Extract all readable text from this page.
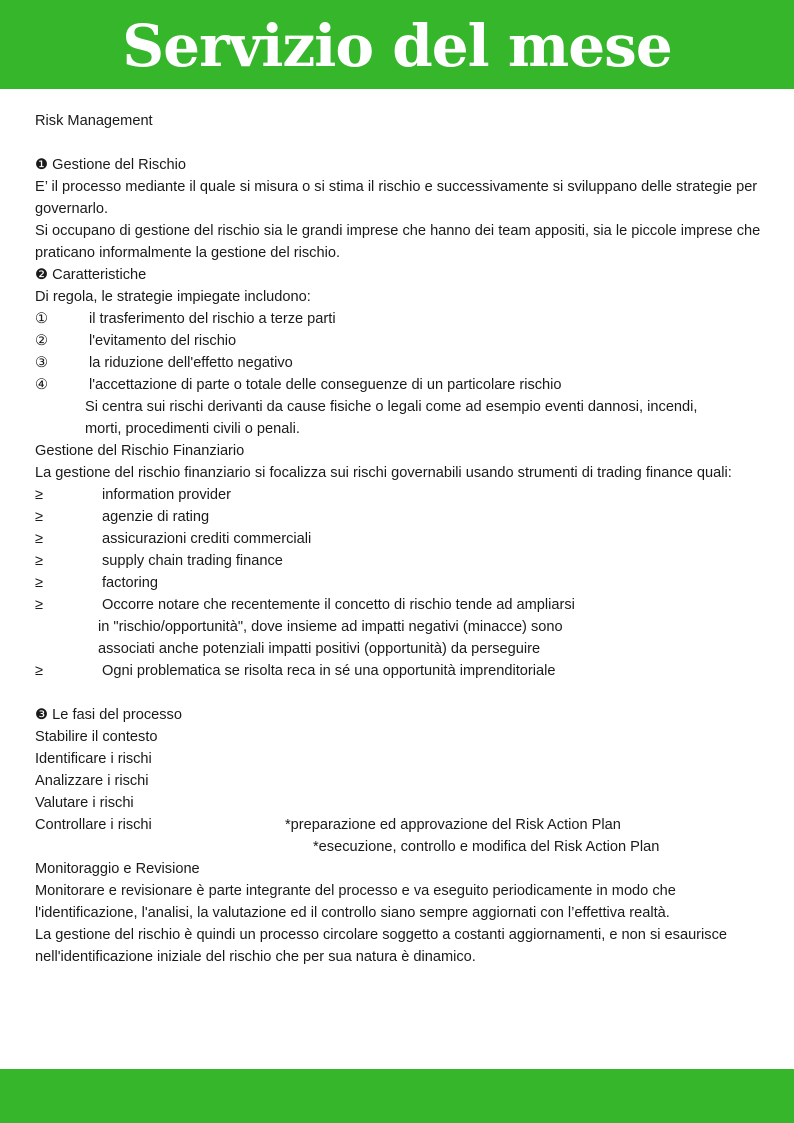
Servizio del mese
Risk Management
❶ Gestione del Rischio
E’ il processo mediante il quale si misura o si stima il rischio e successivamente si sviluppano delle strategie per governarlo.
Si occupano di gestione del rischio sia le grandi imprese che hanno dei team appositi, sia le piccole imprese che praticano informalmente la gestione del rischio.
❷ Caratteristiche
Di regola, le strategie impiegate includono:
①	il trasferimento del rischio a terze parti
②	l'evitamento del rischio
③	la riduzione dell'effetto negativo
④	l'accettazione di parte o totale delle conseguenze di un particolare rischio
Si centra sui rischi derivanti da cause fisiche o legali come ad esempio eventi dannosi, incendi,
morti, procedimenti civili o penali.
Gestione del Rischio Finanziario
La gestione del rischio finanziario si focalizza sui rischi governabili usando strumenti di trading finance quali:
≥	information provider
≥	agenzie di rating
≥	assicurazioni crediti commerciali
≥	supply chain trading finance
≥	factoring
≥	Occorre notare che recentemente il concetto di rischio tende ad ampliarsi
in "rischio/opportunità", dove insieme ad impatti negativi (minacce) sono
associati anche potenziali impatti positivi (opportunità) da perseguire
≥	Ogni problematica se risolta reca in sé una opportunità imprenditoriale
❸ Le fasi del processo
Stabilire il contesto
Identificare i rischi
Analizzare i rischi
Valutare i rischi
Controllare i rischi	*preparazione ed approvazione del Risk Action Plan
*esecuzione, controllo e modifica del Risk Action Plan
Monitoraggio e Revisione
Monitorare e revisionare è parte integrante del processo e va eseguito periodicamente in modo che l'identificazione, l'analisi, la valutazione ed il controllo siano sempre aggiornati con l’effettiva realtà.
La gestione del rischio è quindi un processo circolare soggetto a costanti aggiornamenti, e non si esaurisce nell'identificazione iniziale del rischio che per sua natura è dinamico.
